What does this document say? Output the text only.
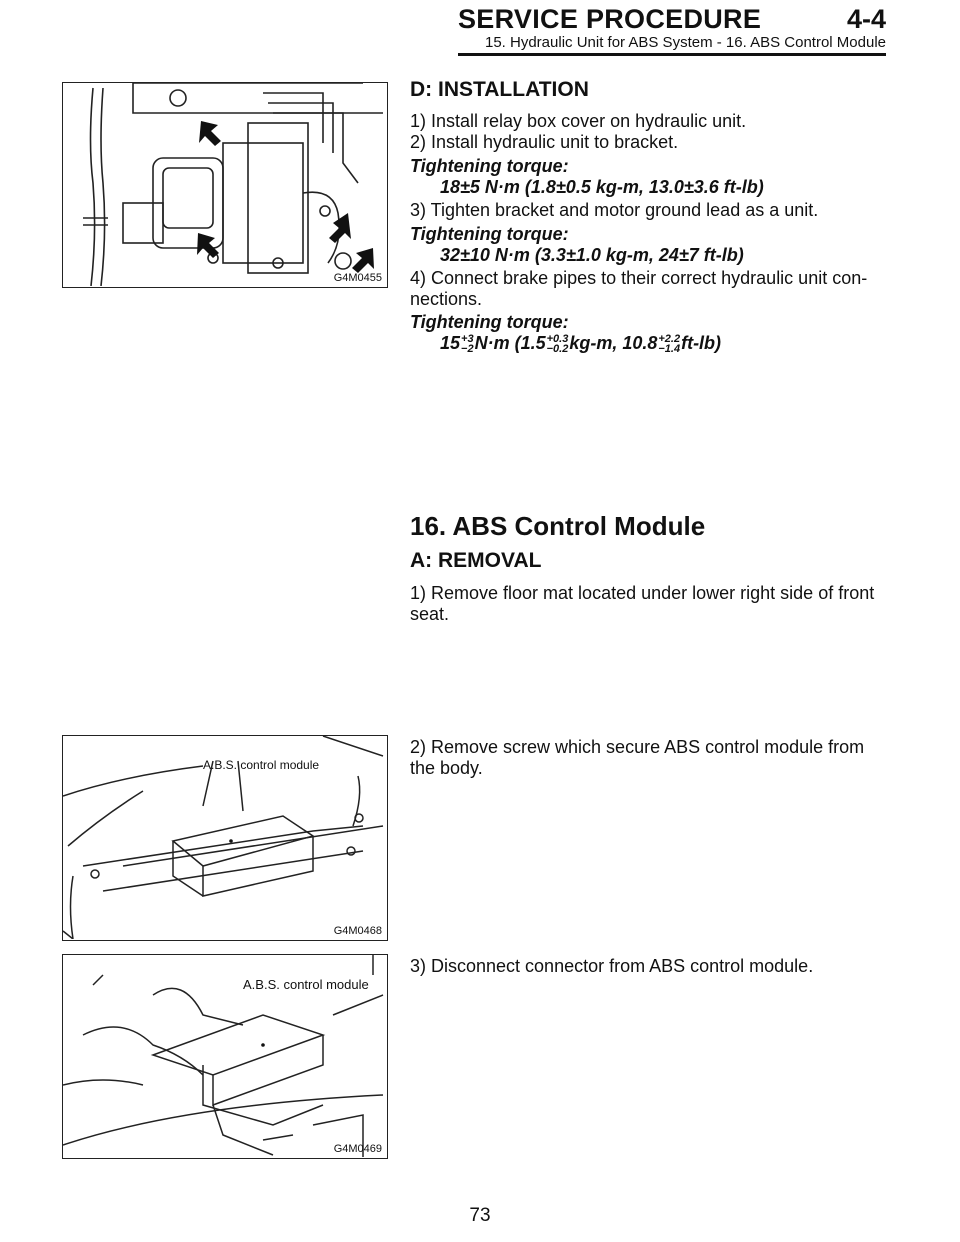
SERVICE PROCEDURE	4-4
15. Hydraulic Unit for ABS System - 16. ABS Control Module
G4M0455
A.B.S. control module
G4M0468
A.B.S. control module
G4M0469

D: INSTALLATION

1) Install relay box cover on hydraulic unit.

2) Install hydraulic unit to bracket.

Tightening torque:

18±5 N·m (1.8±0.5 kg-m, 13.0±3.6 ft-lb)

3) Tighten bracket and motor ground lead as a unit.

Tightening torque:

32±10 N·m (3.3±1.0 kg-m, 24±7 ft-lb)

4) Connect brake pipes to their correct hydraulic unit con-

nections.

Tightening torque:

15 +3
−2 N·m (1.5 +0.3
−0.2 kg-m, 10.8 +2.2
−1.4 ft-lb)

16. ABS Control Module

A: REMOVAL

1) Remove floor mat located under lower right side of front

seat.

2) Remove screw which secure ABS control module from

the body.

3) Disconnect connector from ABS control module.

73
